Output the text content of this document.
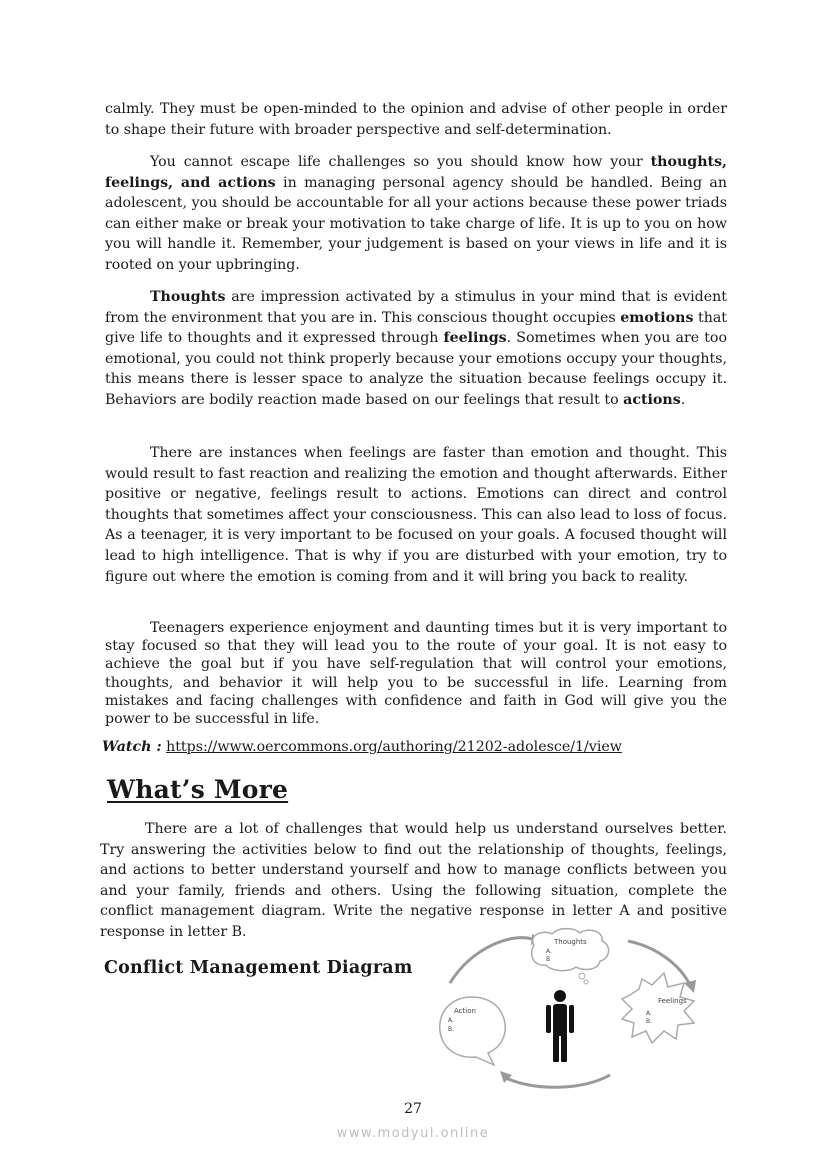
calmly. They must be open-minded to the opinion and advise of other people in order to shape their future with broader perspective and self-determination.

You cannot escape life challenges so you should know how your thoughts, feelings, and actions in managing personal agency should be handled. Being an adolescent, you should be accountable for all your actions because these power triads can either make or break your motivation to take charge of life. It is up to you on how you will handle it. Remember, your judgement is based on your views in life and it is rooted on your upbringing.

Thoughts are impression activated by a stimulus in your mind that is evident from the environment that you are in. This conscious thought occupies emotions that give life to thoughts and it expressed through feelings. Sometimes when you are too emotional, you could not think properly because your emotions occupy your thoughts, this means there is lesser space to analyze the situation because feelings occupy it. Behaviors are bodily reaction made based on our feelings that result to actions.

There are instances when feelings are faster than emotion and thought. This would result to fast reaction and realizing the emotion and thought afterwards. Either positive or negative, feelings result to actions. Emotions can direct and control thoughts that sometimes affect your consciousness. This can also lead to loss of focus. As a teenager, it is very important to be focused on your goals. A focused thought will lead to high intelligence. That is why if you are disturbed with your emotion, try to figure out where the emotion is coming from and it will bring you back to reality.

Teenagers experience enjoyment and daunting times but it is very important to stay focused so that they will lead you to the route of your goal. It is not easy to achieve the goal but if you have self-regulation that will control your emotions, thoughts, and behavior it will help you to be successful in life. Learning from mistakes and facing challenges with confidence and faith in God will give you the power to be successful in life.

Watch : https://www.oercommons.org/authoring/21202-adolesce/1/view
What’s More

There are a lot of challenges that would help us understand ourselves better. Try answering the activities below to find out the relationship of thoughts, feelings, and actions to better understand yourself and how to manage conflicts between you and your family, friends and others. Using the following situation, complete the conflict management diagram. Write the negative response in letter A and positive response in letter B.

Conflict Management Diagram
Thoughts
A.
B
Feelings
A.
B.
Action
A.
B.
27
www.modyul.online
